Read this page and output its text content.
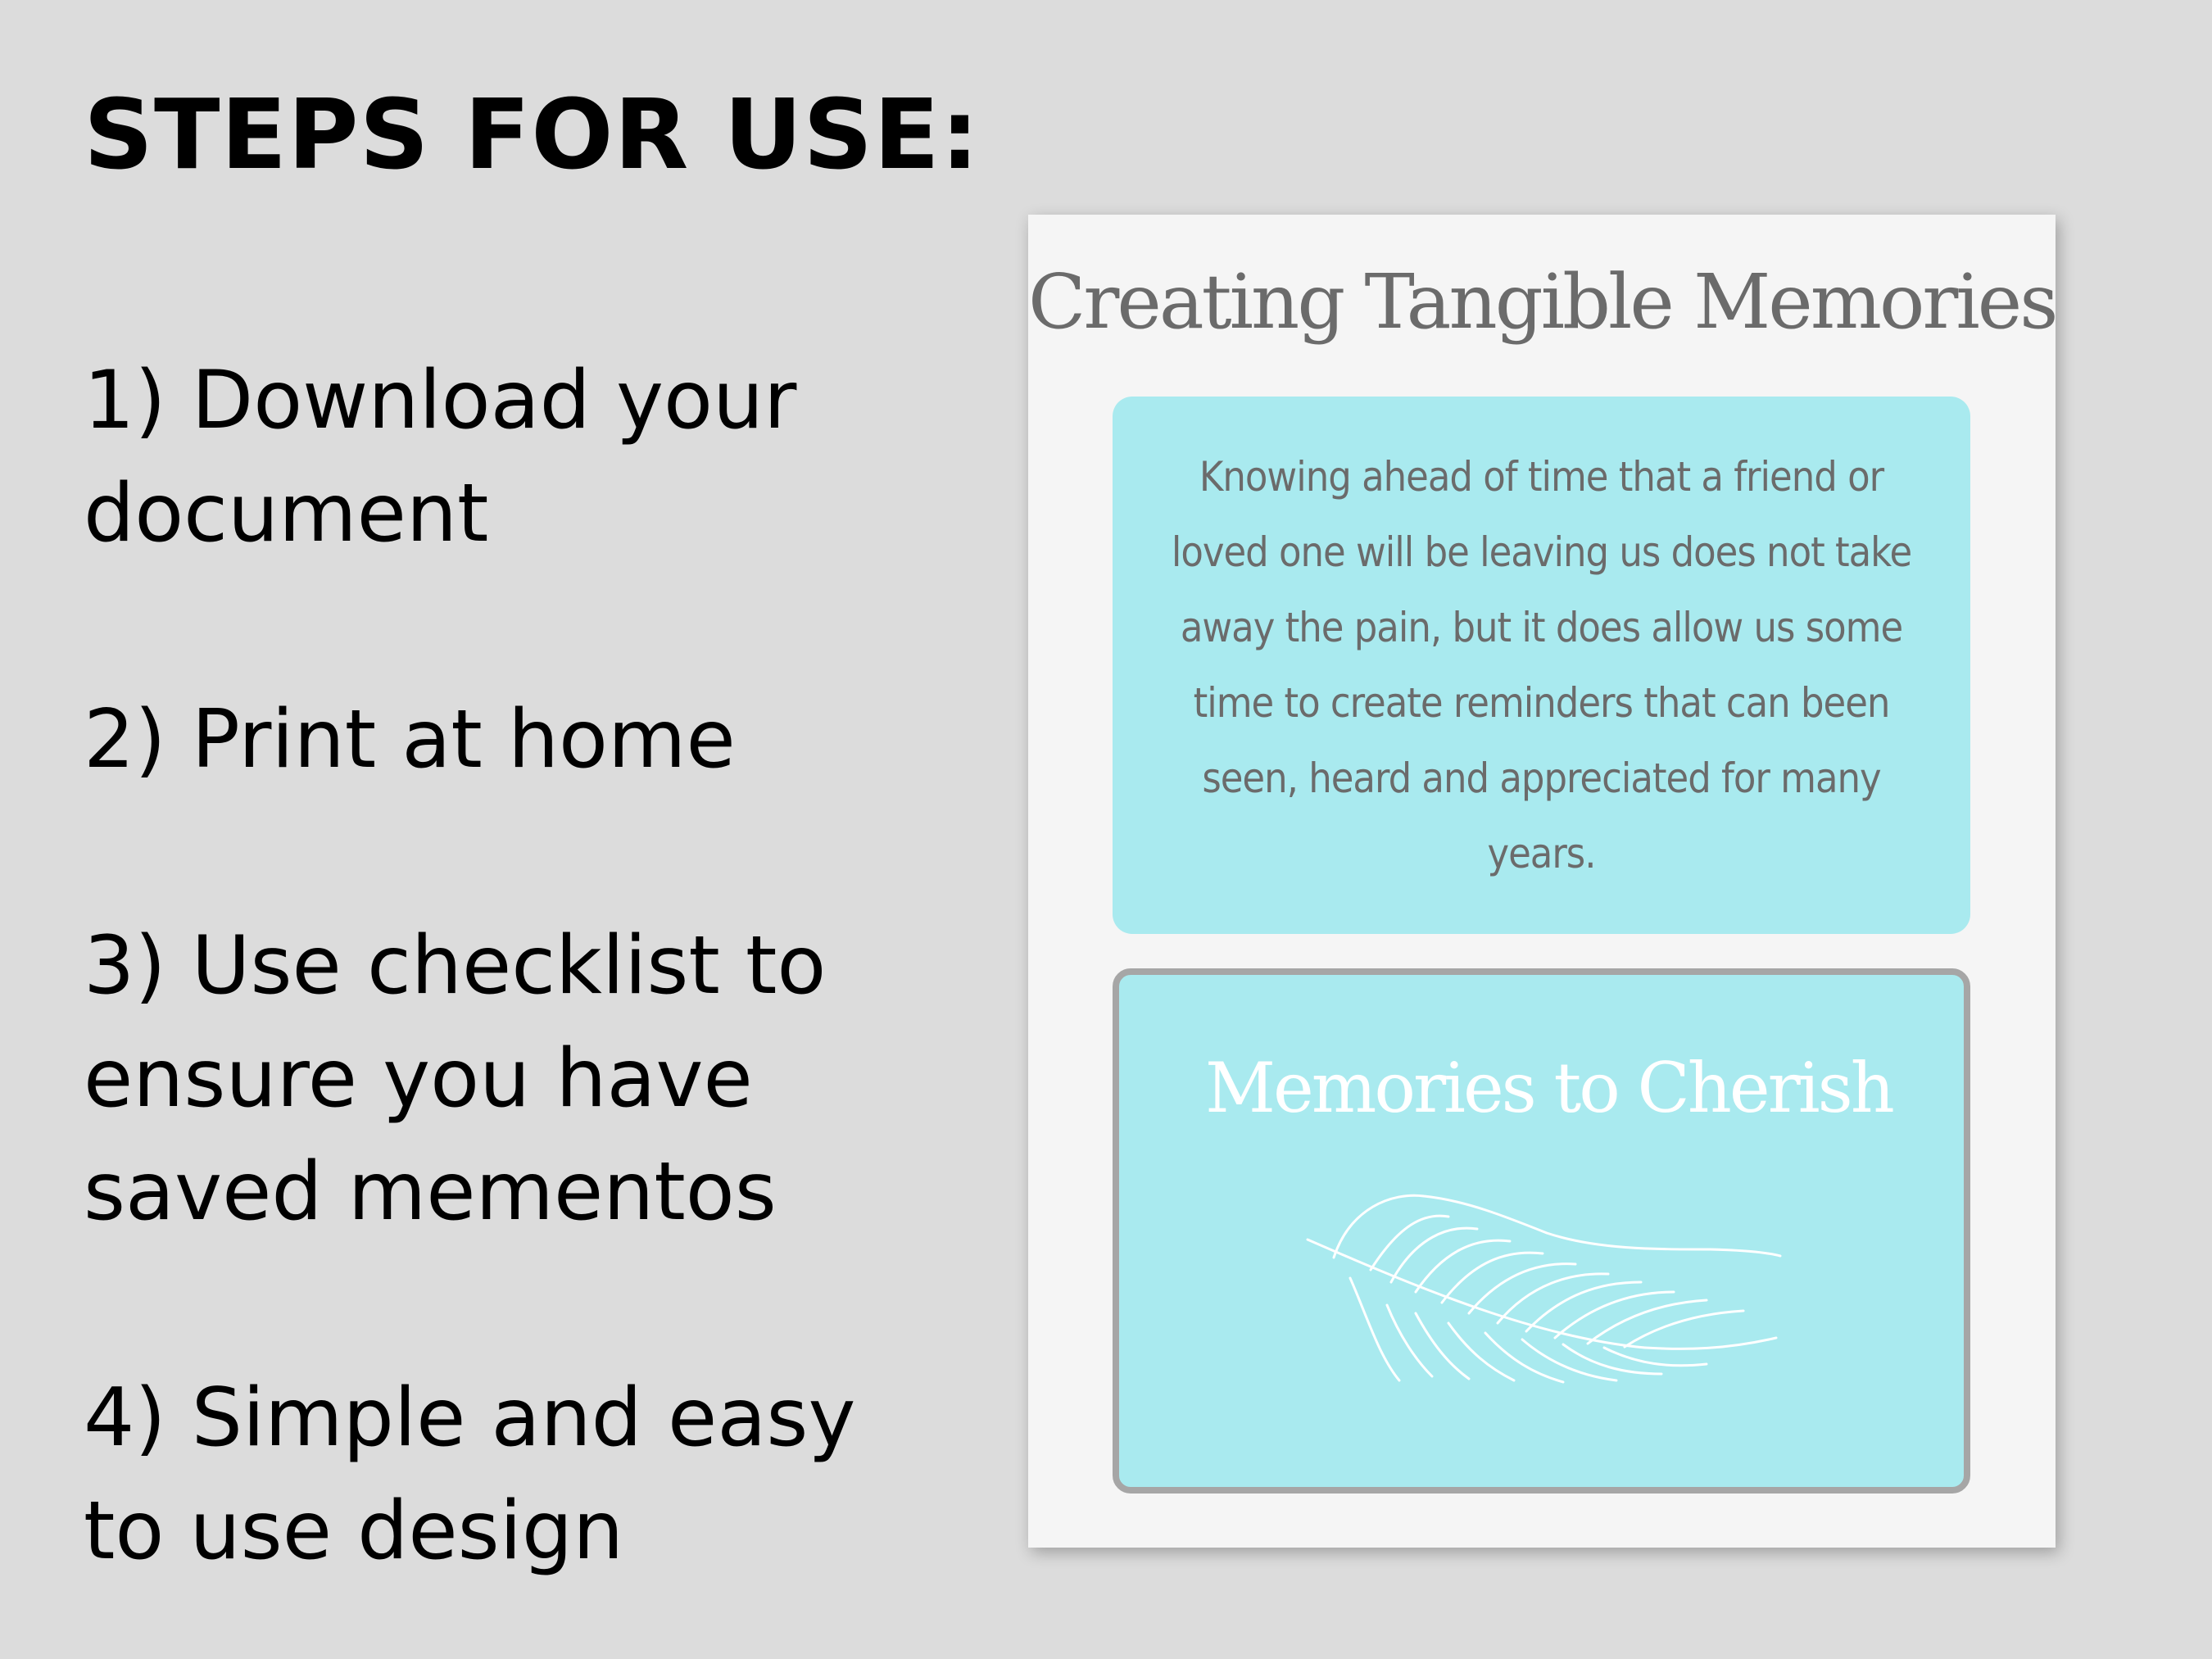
STEPS FOR USE:
1) Download your
document
2) Print at home
3) Use checklist to
ensure you have
saved mementos
4) Simple and easy
to use design
Creating Tangible Memories
Knowing ahead of time that a friend or loved one will be leaving us does not take away the pain, but it does allow us some time to create reminders that can been seen, heard and appreciated for many years.
Memories to Cherish
